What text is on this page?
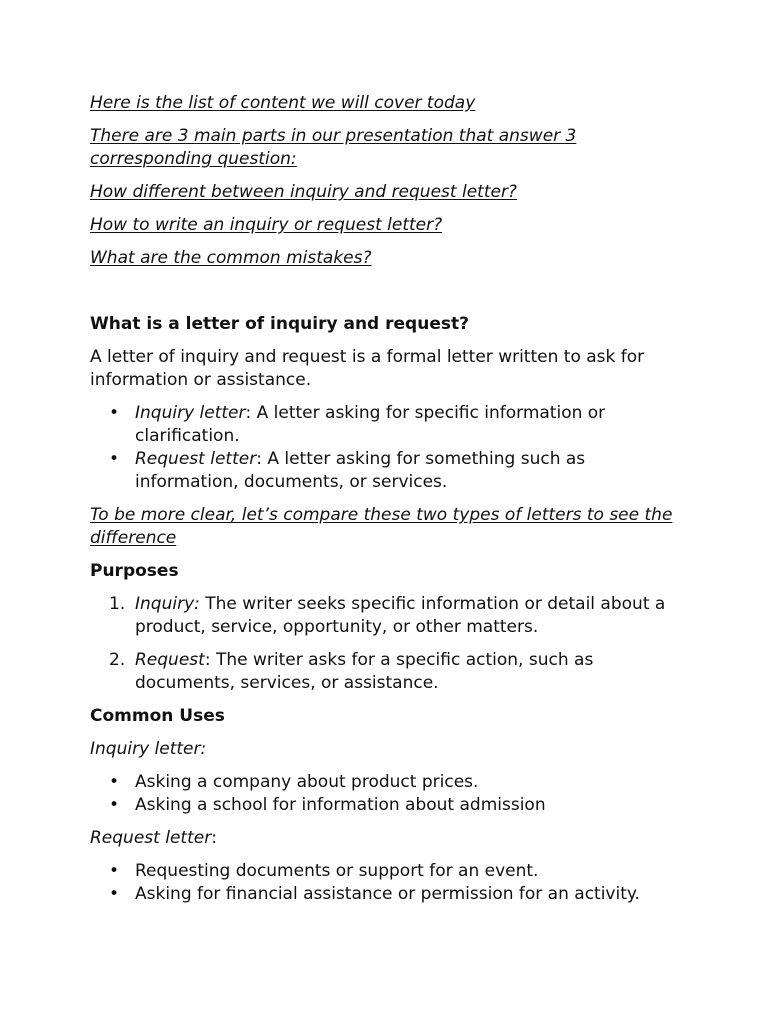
Here is the list of content we will cover today

There are 3 main parts in our presentation that answer 3 corresponding question:

How different between inquiry and request letter?

How to write an inquiry or request letter?

What are the common mistakes?

What is a letter of inquiry and request?

A letter of inquiry and request is a formal letter written to ask for information or assistance.

• Inquiry letter: A letter asking for specific information or clarification.
• Request letter: A letter asking for something such as information, documents, or services.

To be more clear, let’s compare these two types of letters to see the difference

Purposes

1. Inquiry: The writer seeks specific information or detail about a product, service, opportunity, or other matters.
2. Request: The writer asks for a specific action, such as documents, services, or assistance.

Common Uses

Inquiry letter:

• Asking a company about product prices.
• Asking a school for information about admission

Request letter:

• Requesting documents or support for an event.
• Asking for financial assistance or permission for an activity.
